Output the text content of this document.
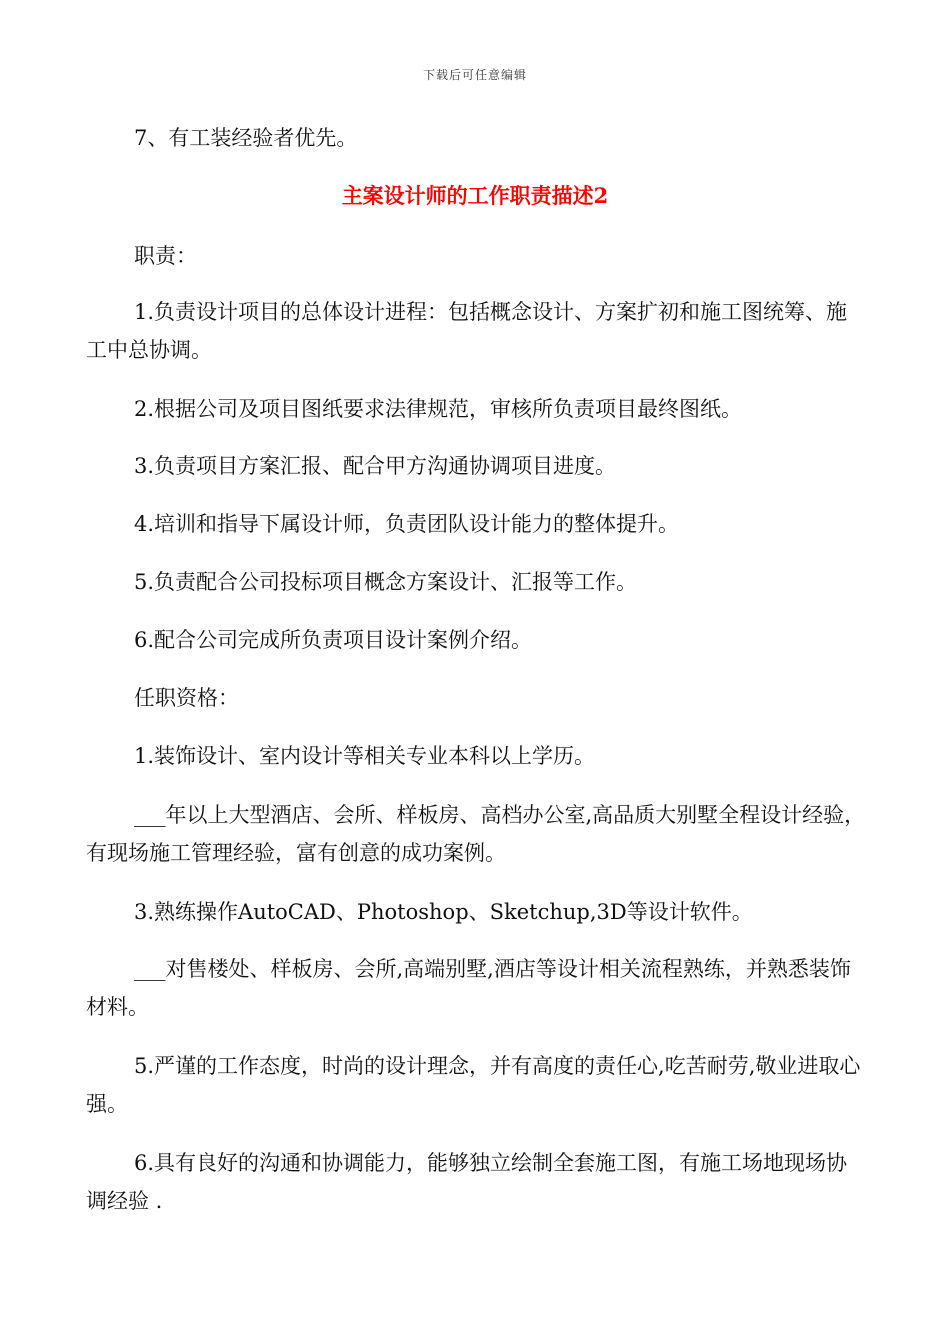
下载后可任意编辑
7、有工装经验者优先。
主案设计师的工作职责描述2
职责：
1.负责设计项目的总体设计进程：包括概念设计、方案扩初和施工图统筹、施工中总协调。
2.根据公司及项目图纸要求法律规范，审核所负责项目最终图纸。
3.负责项目方案汇报、配合甲方沟通协调项目进度。
4.培训和指导下属设计师，负责团队设计能力的整体提升。
5.负责配合公司投标项目概念方案设计、汇报等工作。
6.配合公司完成所负责项目设计案例介绍。
任职资格：
1.装饰设计、室内设计等相关专业本科以上学历。
___年以上大型酒店、会所、样板房、高档办公室,高品质大别墅全程设计经验，有现场施工管理经验，富有创意的成功案例。
3.熟练操作AutoCAD、Photoshop、Sketchup,3D等设计软件。
___对售楼处、样板房、会所,高端别墅,酒店等设计相关流程熟练，并熟悉装饰材料。
5.严谨的工作态度，时尚的设计理念，并有高度的责任心,吃苦耐劳,敬业进取心强。
6.具有良好的沟通和协调能力，能够独立绘制全套施工图，有施工场地现场协调经验 .
